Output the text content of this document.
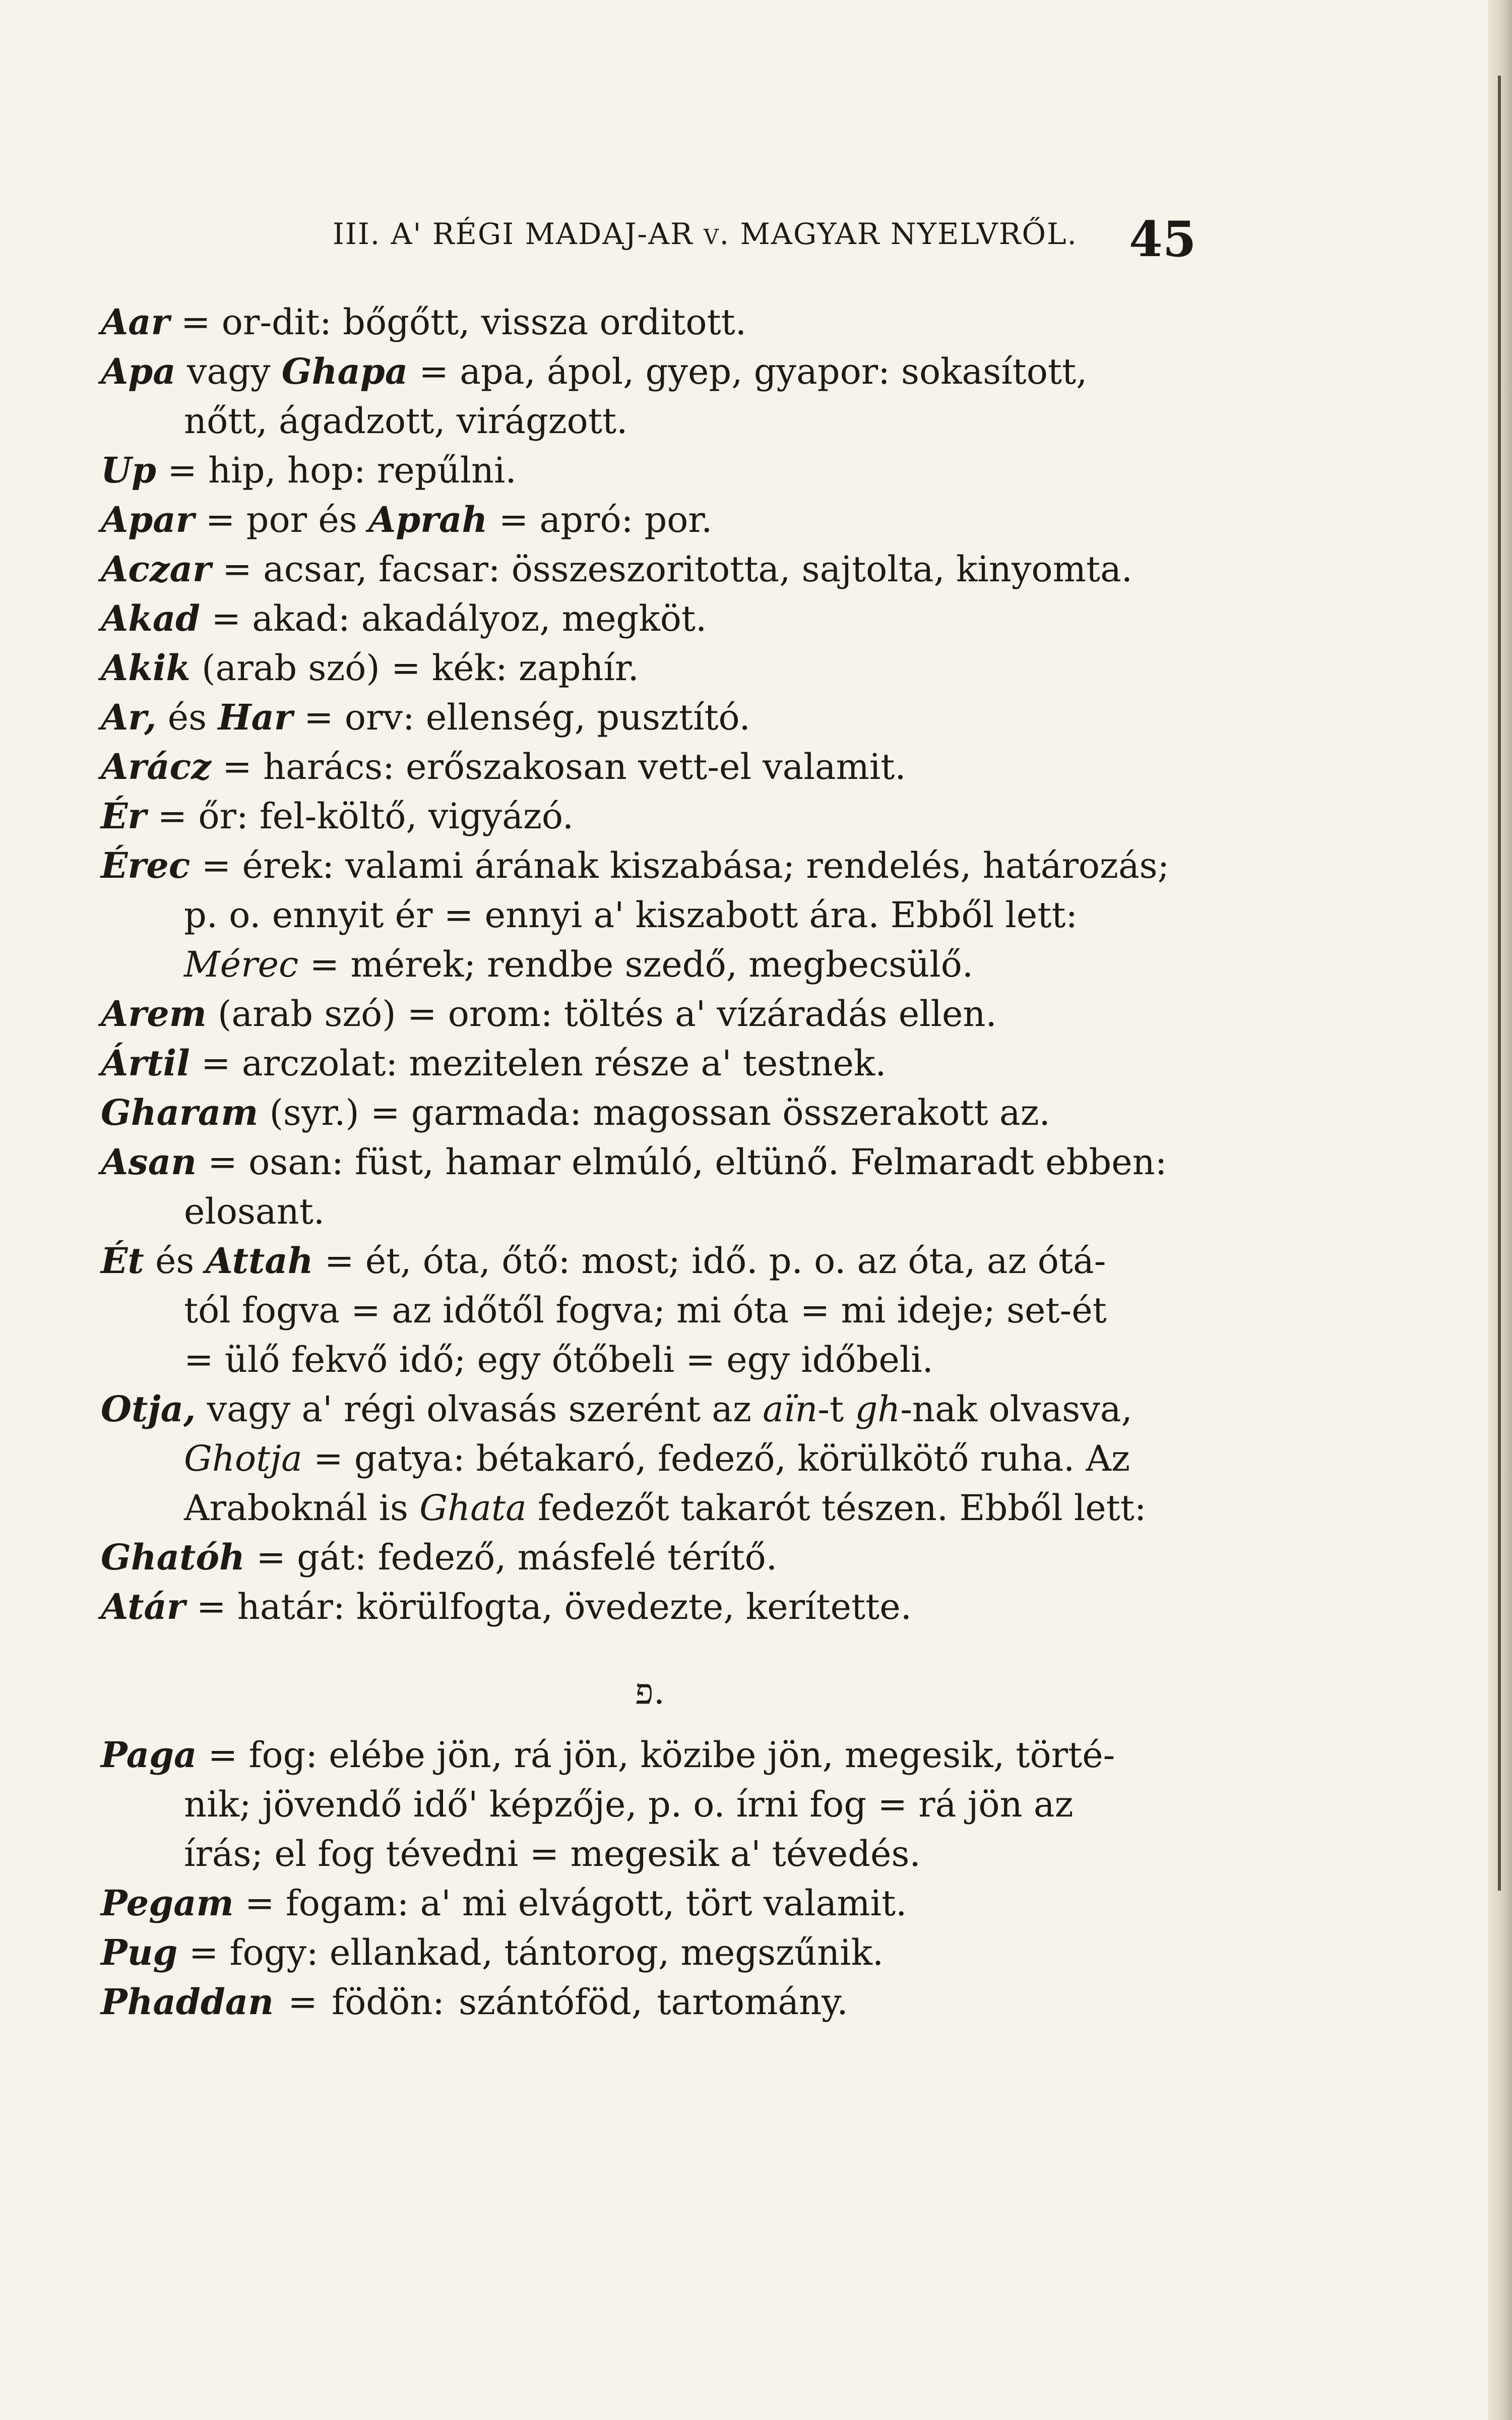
III. A' RÉGI MADAJ-AR v. MAGYAR NYELVRŐL. 45
Aar = or-dit: bőgőtt, vissza orditott.
Apa vagy Ghapa = apa, ápol, gyep, gyapor: sokasított,
nőtt, ágadzott, virágzott.
Up = hip, hop: repűlni.
Apar = por és Aprah = apró: por.
Aczar = acsar, facsar: összeszoritotta, sajtolta, kinyomta.
Akad = akad: akadályoz, megköt.
Akik (arab szó) = kék: zaphír.
Ar, és Har = orv: ellenség, pusztító.
Arácz = harács: erőszakosan vett-el valamit.
Ér = őr: fel-költő, vigyázó.
Érec = érek: valami árának kiszabása; rendelés, határozás;
p. o. ennyit ér = ennyi a' kiszabott ára. Ebből lett:
Mérec = mérek; rendbe szedő, megbecsülő.
Arem (arab szó) = orom: töltés a' vízáradás ellen.
Ártil = arczolat: mezitelen része a' testnek.
Gharam (syr.) = garmada: magossan összerakott az.
Asan = osan: füst, hamar elmúló, eltünő. Felmaradt ebben:
elosant.
Ét és Attah = ét, óta, őtő: most; idő. p. o. az óta, az ótá-
tól fogva = az időtől fogva; mi óta = mi ideje; set-ét
= ülő fekvő idő; egy őtőbeli = egy időbeli.
Otja, vagy a' régi olvasás szerént az aïn-t gh-nak olvasva,
Ghotja = gatya: bétakaró, fedező, körülkötő ruha. Az
Araboknál is Ghata fedezőt takarót tészen. Ebből lett:
Ghatóh = gát: fedező, másfelé térítő.
Atár = határ: körülfogta, övedezte, kerítette.
פ.
Paga = fog: elébe jön, rá jön, közibe jön, megesik, törté-
nik; jövendő idő' képzője, p. o. írni fog = rá jön az
írás; el fog tévedni = megesik a' tévedés.
Pegam = fogam: a' mi elvágott, tört valamit.
Pug = fogy: ellankad, tántorog, megszűnik.
Phaddan = födön: szántóföd, tartomány.
